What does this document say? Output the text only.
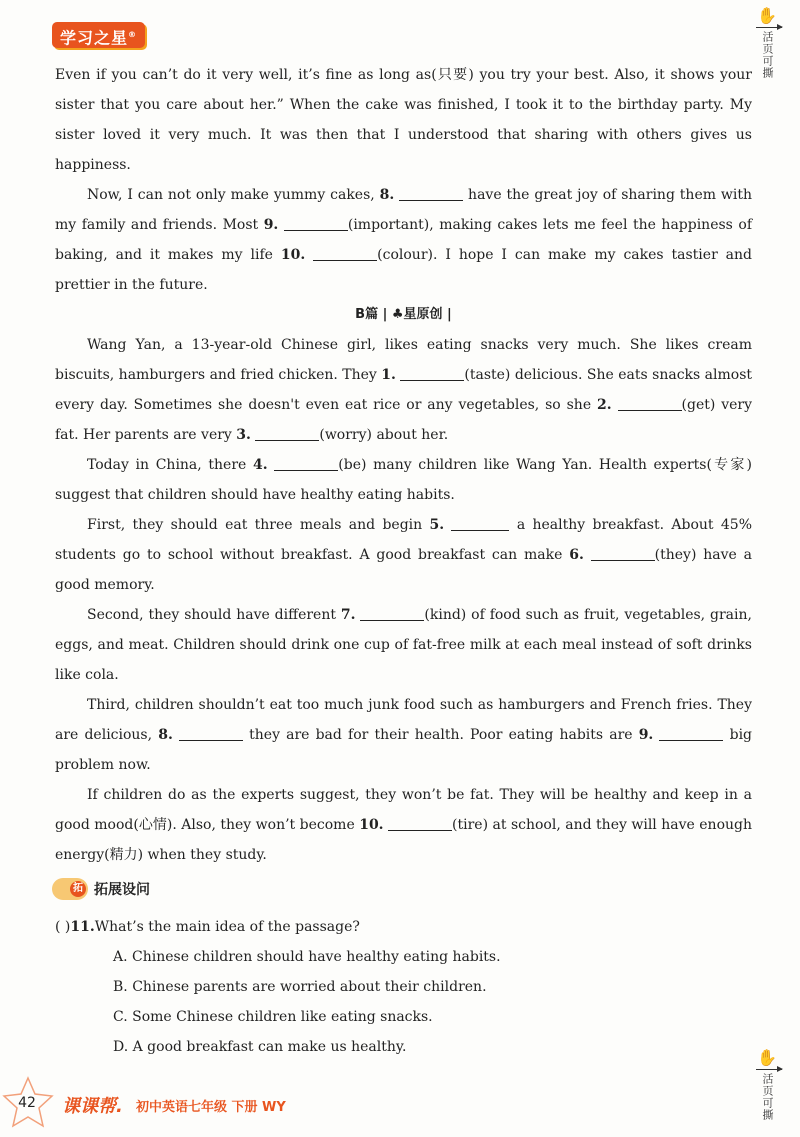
学习之星®
✋
活页可撕

Even if you can’t do it very well, it’s fine as long as(只要) you try your best. Also, it shows your sister that you care about her.” When the cake was finished, I took it to the birthday party. My sister loved it very much. It was then that I understood that sharing with others gives us happiness.

Now, I can not only make yummy cakes, 8.	have the great joy of sharing them with my family and friends. Most 9.	(important), making cakes lets me feel the happiness of baking, and it makes my life 10.	(colour). I hope I can make my cakes tastier and prettier in the future.

B篇 | ♣星原创 |

Wang Yan, a 13-year-old Chinese girl, likes eating snacks very much. She likes cream biscuits, hamburgers and fried chicken. They 1.	(taste) delicious. She eats snacks almost every day. Sometimes she doesn't even eat rice or any vegetables, so she 2.	(get) very fat. Her parents are very 3.	(worry) about her.

Today in China, there 4.	(be) many children like Wang Yan. Health experts(专家) suggest that children should have healthy eating habits.

First, they should eat three meals and begin 5.	a healthy breakfast. About 45% students go to school without breakfast. A good breakfast can make 6.	(they) have a good memory.

Second, they should have different 7.	(kind) of food such as fruit, vegetables, grain, eggs, and meat. Children should drink one cup of fat-free milk at each meal instead of soft drinks like cola.

Third, children shouldn’t eat too much junk food such as hamburgers and French fries. They are delicious, 8.	they are bad for their health. Poor eating habits are 9.	big problem now.

If children do as the experts suggest, they won’t be fat. They will be healthy and keep in a good mood(心情). Also, they won’t become 10.	(tire) at school, and they will have enough energy(精力) when they study.

拓 拓展设问
( )11.What’s the main idea of the passage?
A. Chinese children should have healthy eating habits.
B. Chinese parents are worried about their children.
C. Some Chinese children like eating snacks.
D. A good breakfast can make us healthy.
✋
活页可撕
42	课课帮. 初中英语七年级 下册 WY
